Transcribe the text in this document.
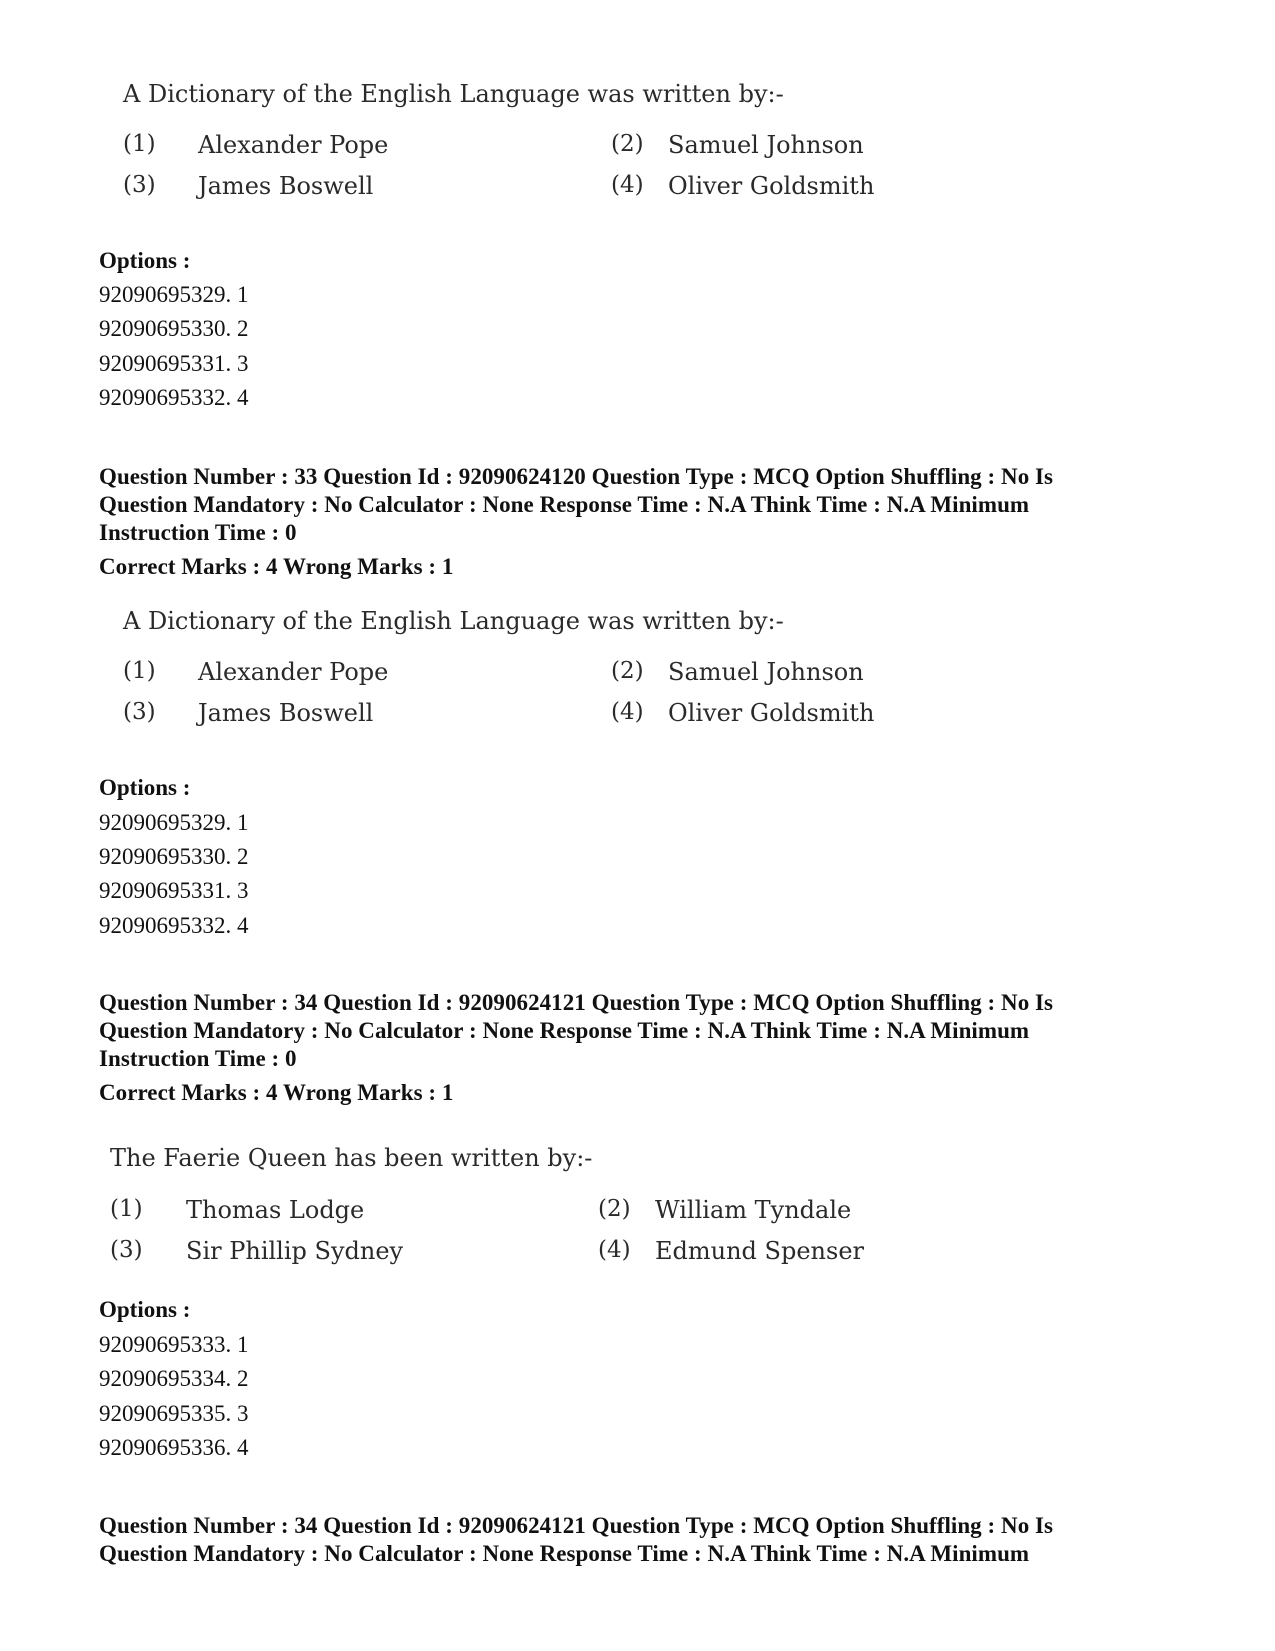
A Dictionary of the English Language was written by:-
(1) Alexander Pope	(2) Samuel Johnson
(3) James Boswell	(4) Oliver Goldsmith
Options :
92090695329. 1
92090695330. 2
92090695331. 3
92090695332. 4
Question Number : 33 Question Id : 92090624120 Question Type : MCQ Option Shuffling : No Is
Question Mandatory : No Calculator : None Response Time : N.A Think Time : N.A Minimum
Instruction Time : 0
Correct Marks : 4 Wrong Marks : 1
A Dictionary of the English Language was written by:-
(1) Alexander Pope	(2) Samuel Johnson
(3) James Boswell	(4) Oliver Goldsmith
Options :
92090695329. 1
92090695330. 2
92090695331. 3
92090695332. 4
Question Number : 34 Question Id : 92090624121 Question Type : MCQ Option Shuffling : No Is
Question Mandatory : No Calculator : None Response Time : N.A Think Time : N.A Minimum
Instruction Time : 0
Correct Marks : 4 Wrong Marks : 1
The Faerie Queen has been written by:-
(1) Thomas Lodge	(2) William Tyndale
(3) Sir Phillip Sydney	(4) Edmund Spenser
Options :
92090695333. 1
92090695334. 2
92090695335. 3
92090695336. 4
Question Number : 34 Question Id : 92090624121 Question Type : MCQ Option Shuffling : No Is
Question Mandatory : No Calculator : None Response Time : N.A Think Time : N.A Minimum
